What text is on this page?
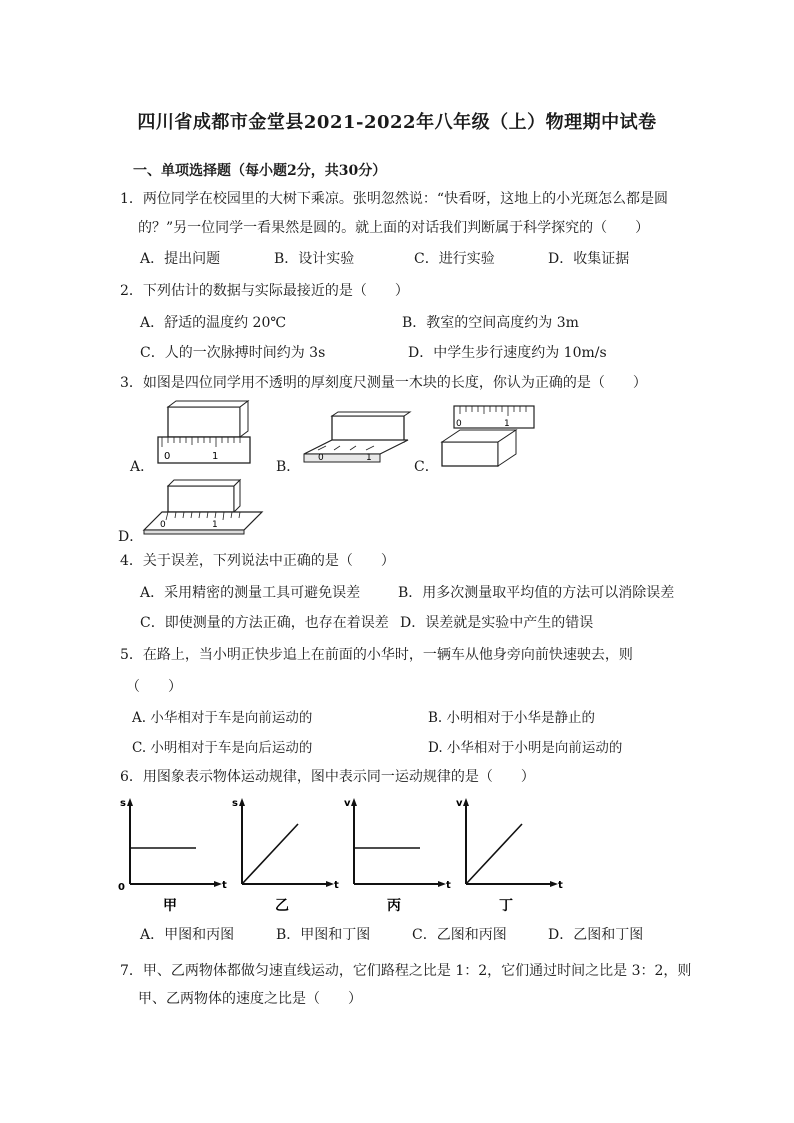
四川省成都市金堂县2021-2022年八年级（上）物理期中试卷
一、单项选择题（每小题2分，共30分）
1．两位同学在校园里的大树下乘凉。张明忽然说：“快看呀，这地上的小光斑怎么都是圆
的？”另一位同学一看果然是圆的。就上面的对话我们判断属于科学探究的（　　）
A．提出问题	B．设计实验	C．进行实验	D．收集证据
2．下列估计的数据与实际最接近的是（　　）
A．舒适的温度约 20℃	B．教室的空间高度约为 3m
C．人的一次脉搏时间约为 3s	D．中学生步行速度约为 10m/s
3．如图是四位同学用不透明的厚刻度尺测量一木块的长度，你认为正确的是（　　）
A．
0	1
B．
0	1
C．
0	1
D．
0	1
4．关于误差，下列说法中正确的是（　　）
A．采用精密的测量工具可避免误差	B．用多次测量取平均值的方法可以消除误差
C．即使测量的方法正确，也存在着误差 D．误差就是实验中产生的错误
5．在路上，当小明正快步追上在前面的小华时，一辆车从他身旁向前快速驶去，则
（　　）
A. 小华相对于车是向前运动的	B. 小明相对于小华是静止的
C. 小明相对于车是向后运动的	D. 小华相对于小明是向前运动的
6．用图象表示物体运动规律，图中表示同一运动规律的是（　　）
s
t
0
甲
s
t
乙
v
t
丙
v
t
丁
A．甲图和丙图	B．甲图和丁图	C．乙图和丙图	D．乙图和丁图
7．甲、乙两物体都做匀速直线运动，它们路程之比是 1：2，它们通过时间之比是 3：2，则
甲、乙两物体的速度之比是（　　）
